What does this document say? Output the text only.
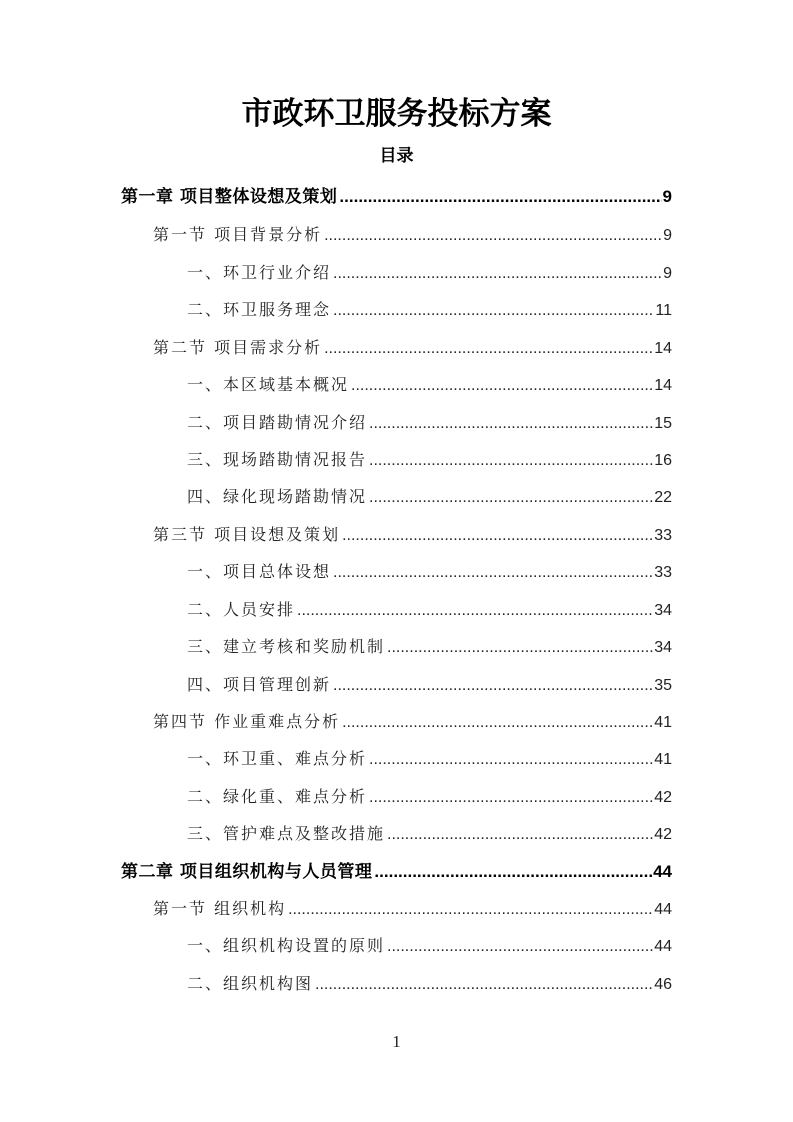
市政环卫服务投标方案
目录
第一章 项目整体设想及策划 .....	9
第一节 项目背景分析 .....	9
一、环卫行业介绍 .....	9
二、环卫服务理念 .....	11
第二节 项目需求分析 .....	14
一、本区域基本概况 .....	14
二、项目踏勘情况介绍 .....	15
三、现场踏勘情况报告 .....	16
四、绿化现场踏勘情况 .....	22
第三节 项目设想及策划 .....	33
一、项目总体设想 .....	33
二、人员安排 .....	34
三、建立考核和奖励机制 .....	34
四、项目管理创新 .....	35
第四节 作业重难点分析 .....	41
一、环卫重、难点分析 .....	41
二、绿化重、难点分析 .....	42
三、管护难点及整改措施 .....	42
第二章 项目组织机构与人员管理 .....	44
第一节 组织机构 .....	44
一、组织机构设置的原则 .....	44
二、组织机构图 .....	46
1
